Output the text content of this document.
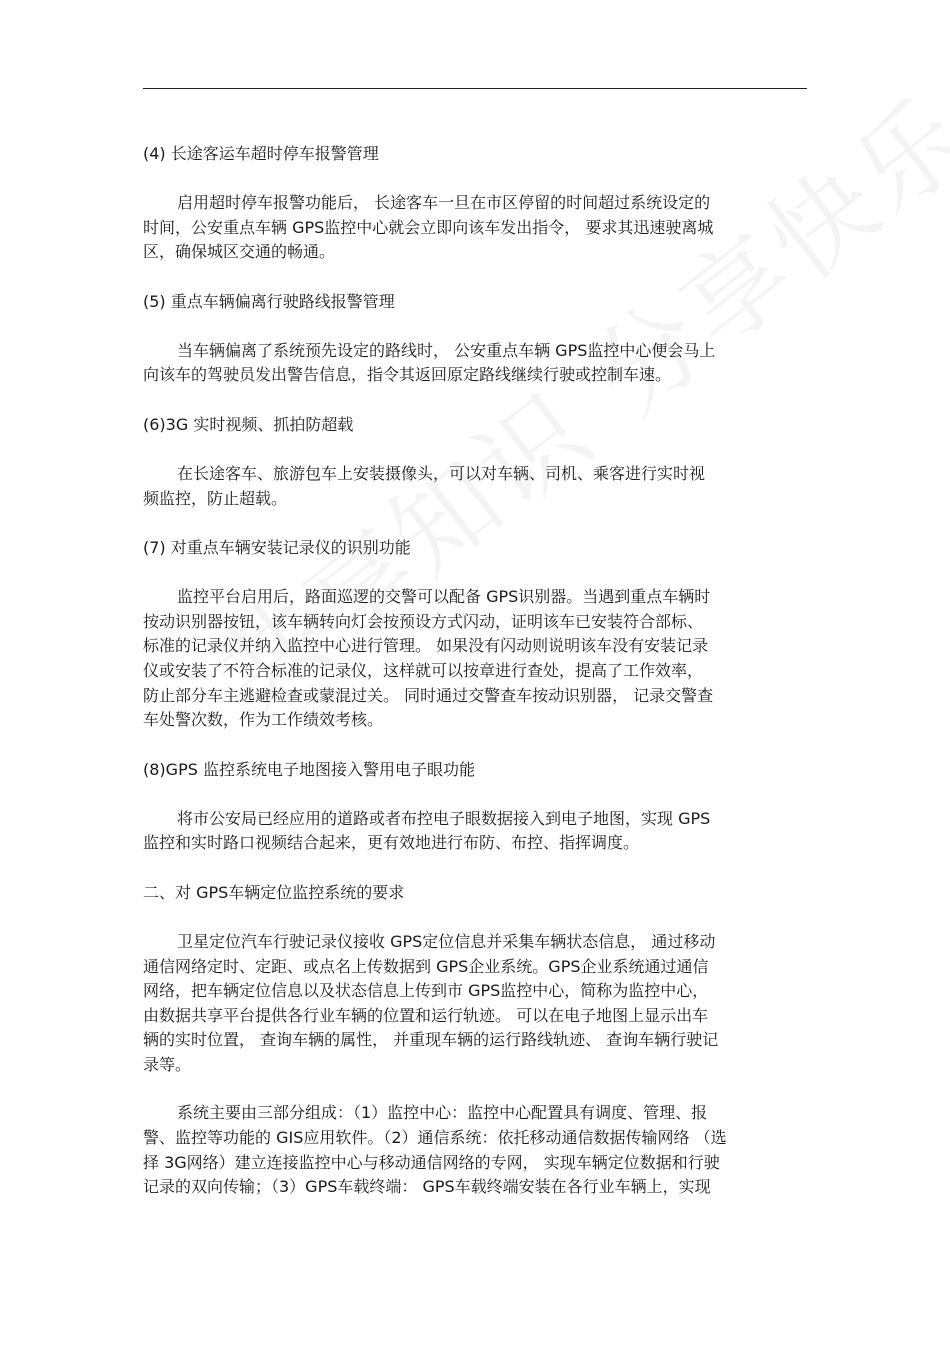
(4) 长途客运车超时停车报警管理
启用超时停车报警功能后， 长途客车一旦在市区停留的时间超过系统设定的
时间，公安重点车辆 GPS监控中心就会立即向该车发出指令， 要求其迅速驶离城
区，确保城区交通的畅通。
(5) 重点车辆偏离行驶路线报警管理
当车辆偏离了系统预先设定的路线时， 公安重点车辆 GPS监控中心便会马上
向该车的驾驶员发出警告信息，指令其返回原定路线继续行驶或控制车速。
(6)3G 实时视频、抓拍防超载
在长途客车、旅游包车上安装摄像头，可以对车辆、司机、乘客进行实时视
频监控，防止超载。
(7) 对重点车辆安装记录仪的识别功能
监控平台启用后，路面巡逻的交警可以配备 GPS识别器。当遇到重点车辆时
按动识别器按钮，该车辆转向灯会按预设方式闪动，证明该车已安装符合部标、
标准的记录仪并纳入监控中心进行管理。 如果没有闪动则说明该车没有安装记录
仪或安装了不符合标准的记录仪，这样就可以按章进行查处，提高了工作效率，
防止部分车主逃避检查或蒙混过关。 同时通过交警查车按动识别器， 记录交警查
车处警次数，作为工作绩效考核。
(8)GPS 监控系统电子地图接入警用电子眼功能
将市公安局已经应用的道路或者布控电子眼数据接入到电子地图，实现 GPS
监控和实时路口视频结合起来，更有效地进行布防、布控、指挥调度。
二、对 GPS车辆定位监控系统的要求
卫星定位汽车行驶记录仪接收 GPS定位信息并采集车辆状态信息， 通过移动
通信网络定时、定距、或点名上传数据到 GPS企业系统。GPS企业系统通过通信
网络，把车辆定位信息以及状态信息上传到市 GPS监控中心，简称为监控中心，
由数据共享平台提供各行业车辆的位置和运行轨迹。 可以在电子地图上显示出车
辆的实时位置， 查询车辆的属性， 并重现车辆的运行路线轨迹、 查询车辆行驶记
录等。
系统主要由三部分组成：（1）监控中心：监控中心配置具有调度、管理、报
警、监控等功能的 GIS应用软件。（2）通信系统：依托移动通信数据传输网络 （选
择 3G网络）建立连接监控中心与移动通信网络的专网， 实现车辆定位数据和行驶
记录的双向传输；（3）GPS车载终端： GPS车载终端安装在各行业车辆上，实现
